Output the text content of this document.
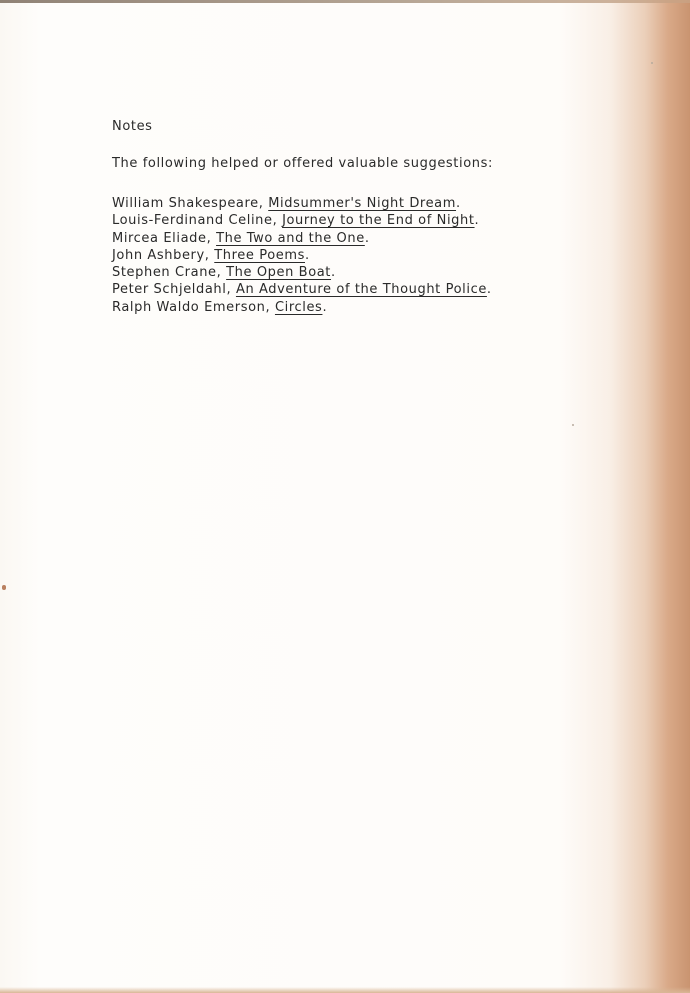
Notes

The following helped or offered valuable suggestions:

William Shakespeare, Midsummer's Night Dream.
Louis-Ferdinand Celine, Journey to the End of Night.
Mircea Eliade, The Two and the One.
John Ashbery, Three Poems.
Stephen Crane, The Open Boat.
Peter Schjeldahl, An Adventure of the Thought Police.
Ralph Waldo Emerson, Circles.
